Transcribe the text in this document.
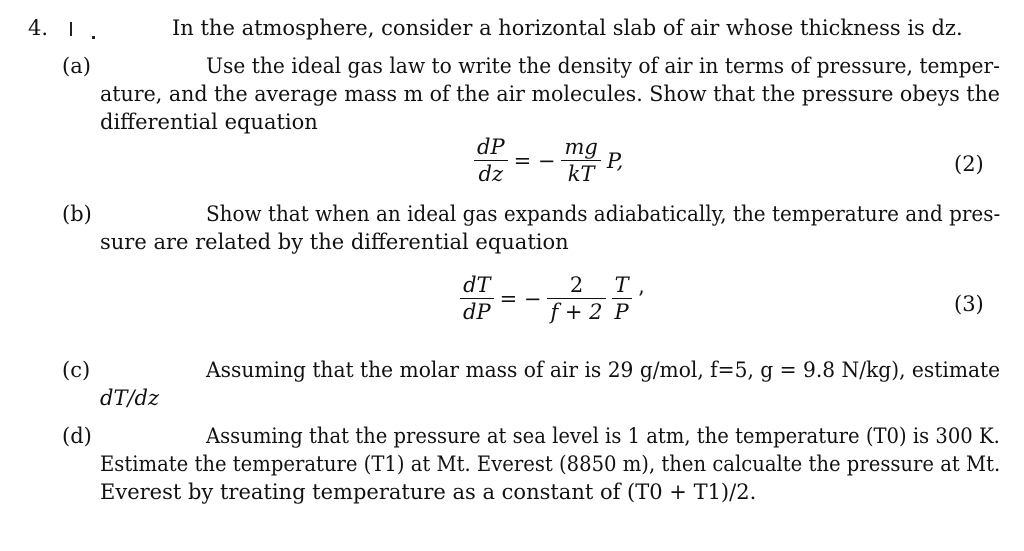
4.	In the atmosphere, consider a horizontal slab of air whose thickness is dz.
(a)	Use the ideal gas law to write the density of air in terms of pressure, temper-
ature, and the average mass m of the air molecules. Show that the pressure obeys the
differential equation
$\frac{dP}{dz}$ = − $\frac{mg}{kT} P$,	(2)
(b)	Show that when an ideal gas expands adiabatically, the temperature and pres-
sure are related by the differential equation
$\frac{dT}{dP}$ = − $\frac{2}{f + 2} \frac{T}{P}$ ’	(3)
(c)	Assuming that the molar mass of air is 29 g/mol, f=5, g = 9.8 N/kg), estimate
dT/dz
(d)	Assuming that the pressure at sea level is 1 atm, the temperature (T0) is 300 K.
Estimate the temperature (T1) at Mt. Everest (8850 m), then calcualte the pressure at Mt.
Everest by treating temperature as a constant of (T0 + T1)/2.
